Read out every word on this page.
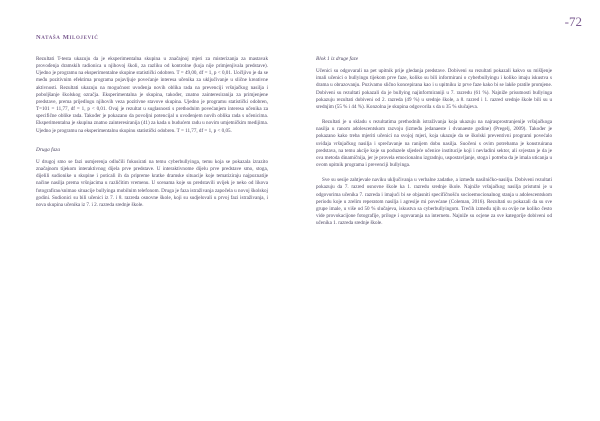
-72
Nataša Milojević

Rezultati T-testa ukazuju da je eksperimentalna skupina u značajnoj mjeri za misterizanja za mastavak provođenja dramskih radionica u njihovoj školi, za razliku od kontrolne (koja nije primjenjivala predstave). Ujedno je programu na eksperimentalne skupine statistički odobren. T = 49,00, df = 1, p < 0,01. Uočljivo je da se među pozitivnim efektima programa pojavljuje povećanje interesa učenika za uključivanje u slične kreativne aktivnosti. Rezultati ukazuju na mogućnost uvođenja novih oblika rada na prevenciji vršnjačkog nasilja i poboljšanje školskog ozračja. Eksperimentalna je skupina, također, znatno zainteresiranija za primjenjene predstave, prema prijedlogu njihovih veza pozitivne stavove skupina. Ujedno je programu statistički odobren, T=101 = 11,77, df = 1, p < 0,01. Ovaj je rezultat u suglasnosti s prethodnim povećanjem interesa učenika za specifične oblike rada. Također je pokazano da povoljni potencijal u uvođenjem novih oblika rada s učenicima. Eksperimentalna je skupina znatno zainteresiranija (41) za kada u budućem radu u novim umjetničkim medijima. Ujedno je programu na eksperimentalnu skupinu statistički odobren. T = 11,77, df = 1, p < 0,05.

Druga faza

U drugoj smo se fazi usmjerenja odlučili fokusirati na temu cyberbullyinga, temu koja se pokazala izrazito značajnom tijekom interaktivnog dijela prve predstave. U interaktivnome dijelu prve predstave smo, stoga, dijelili sudionike u skupine i poticali ih da pripreme kratke dramske situacije koje tematiziraju najpoznatije načine nasilja prema vršnjacima u različitim vremenu. U scenama koje su predstavili uvijek je neko od likova fotografirao/snimao situacije bullyinga mobilnim telefonom. Druga je faza istraživanja započela u novoj školskoj godini. Sudionici su bili učenici iz 7. i 8. razreda osnovne škole, koji su sudjelovali u prvoj fazi istraživanja, i nova skupina učenika iz 7. i 2. razreda srednje škole.

Blok 1 iz druge faze

Učenici su odgovarali na pet upitnik prije gledanja predstave. Dobiveni su rezultati pokazali kakvo su mišljenje imali učenici o bullyingu tijekom prve faze, koliko su bili informirani o cyberbullyingu i koliko imaju iskustva s drama u obrazovanju. Pozivamo slično koncepirana kao i u upitniku iz prve faze kako bi se lakše pratile promjene. Dobiveni su rezultati pokazali da je bullying najinformiraniji u 7. razredu (61 %). Najniže prisutnosti bullyinga pokazuju rezultati dobiveni od 2. razreda (49 %) u srednje škole, a 8. razred i 1. razred srednje škole bili su u srednjim (55 % i 44 %). Konzolna je skupina odgovorila s da u 35 % slučajeva.

Rezultati je u skladu s rezultatima prethodnih istraživanja koja ukazuju na najrasprostranjenije vršnjačkoga nasilja u ranom adolescentskom razvoju (između jedanaeste i dvanaeste godine) (Pregelj, 2009). Također je pokazano kako treba mjeriti učenici na svojoj mjeri, koja ukazuje da se školski preventivni programi povećalo uviđaja vršnjačkog nasilja i sprečavanje na ranijem dobu nasilja. Suočeni s ovim potrebama je konstruirana predstava, na temu akcije koje su poduzele sljedeće učenice institucije koji i nevladini sektor, ali svjestan je da je ova metoda dinamičnija, jer je provela emocionalnu izgradnju, uspostavljanje, stoga i potreba da je imala uticanja u ovom upitnik programa i prevenciji bullyinga.

Sve su sesije zahtjevale naviku uključivanja u verbalne zadatke, a između nasilničko-nasilju. Dobiveni rezultati pokazuju da 7. razred osnovne škole ka 1. razredu srednje škole. Najniže vršnjačkog nasilja pristutni je u odgovorima učenika 7. razreda i imajući bi se objasniti specifičnošću socioemocionalnog stanja u adolescentskom periodu koje u zrelim reperatom nasilja i agresije mi povećane (Coleman, 2016). Rezultati su pokazali da su sve grupe imale, u više od 50 % slučajeva, iskustva sa cyberbullyingom. Trećih između njih su ovije ne koliko često vide provokacijone fotografije, priloge i ogovaranja na internetu. Najniže su ocjene za sve kategorije dobiveni od učenika 1. razreda srednje škole.
